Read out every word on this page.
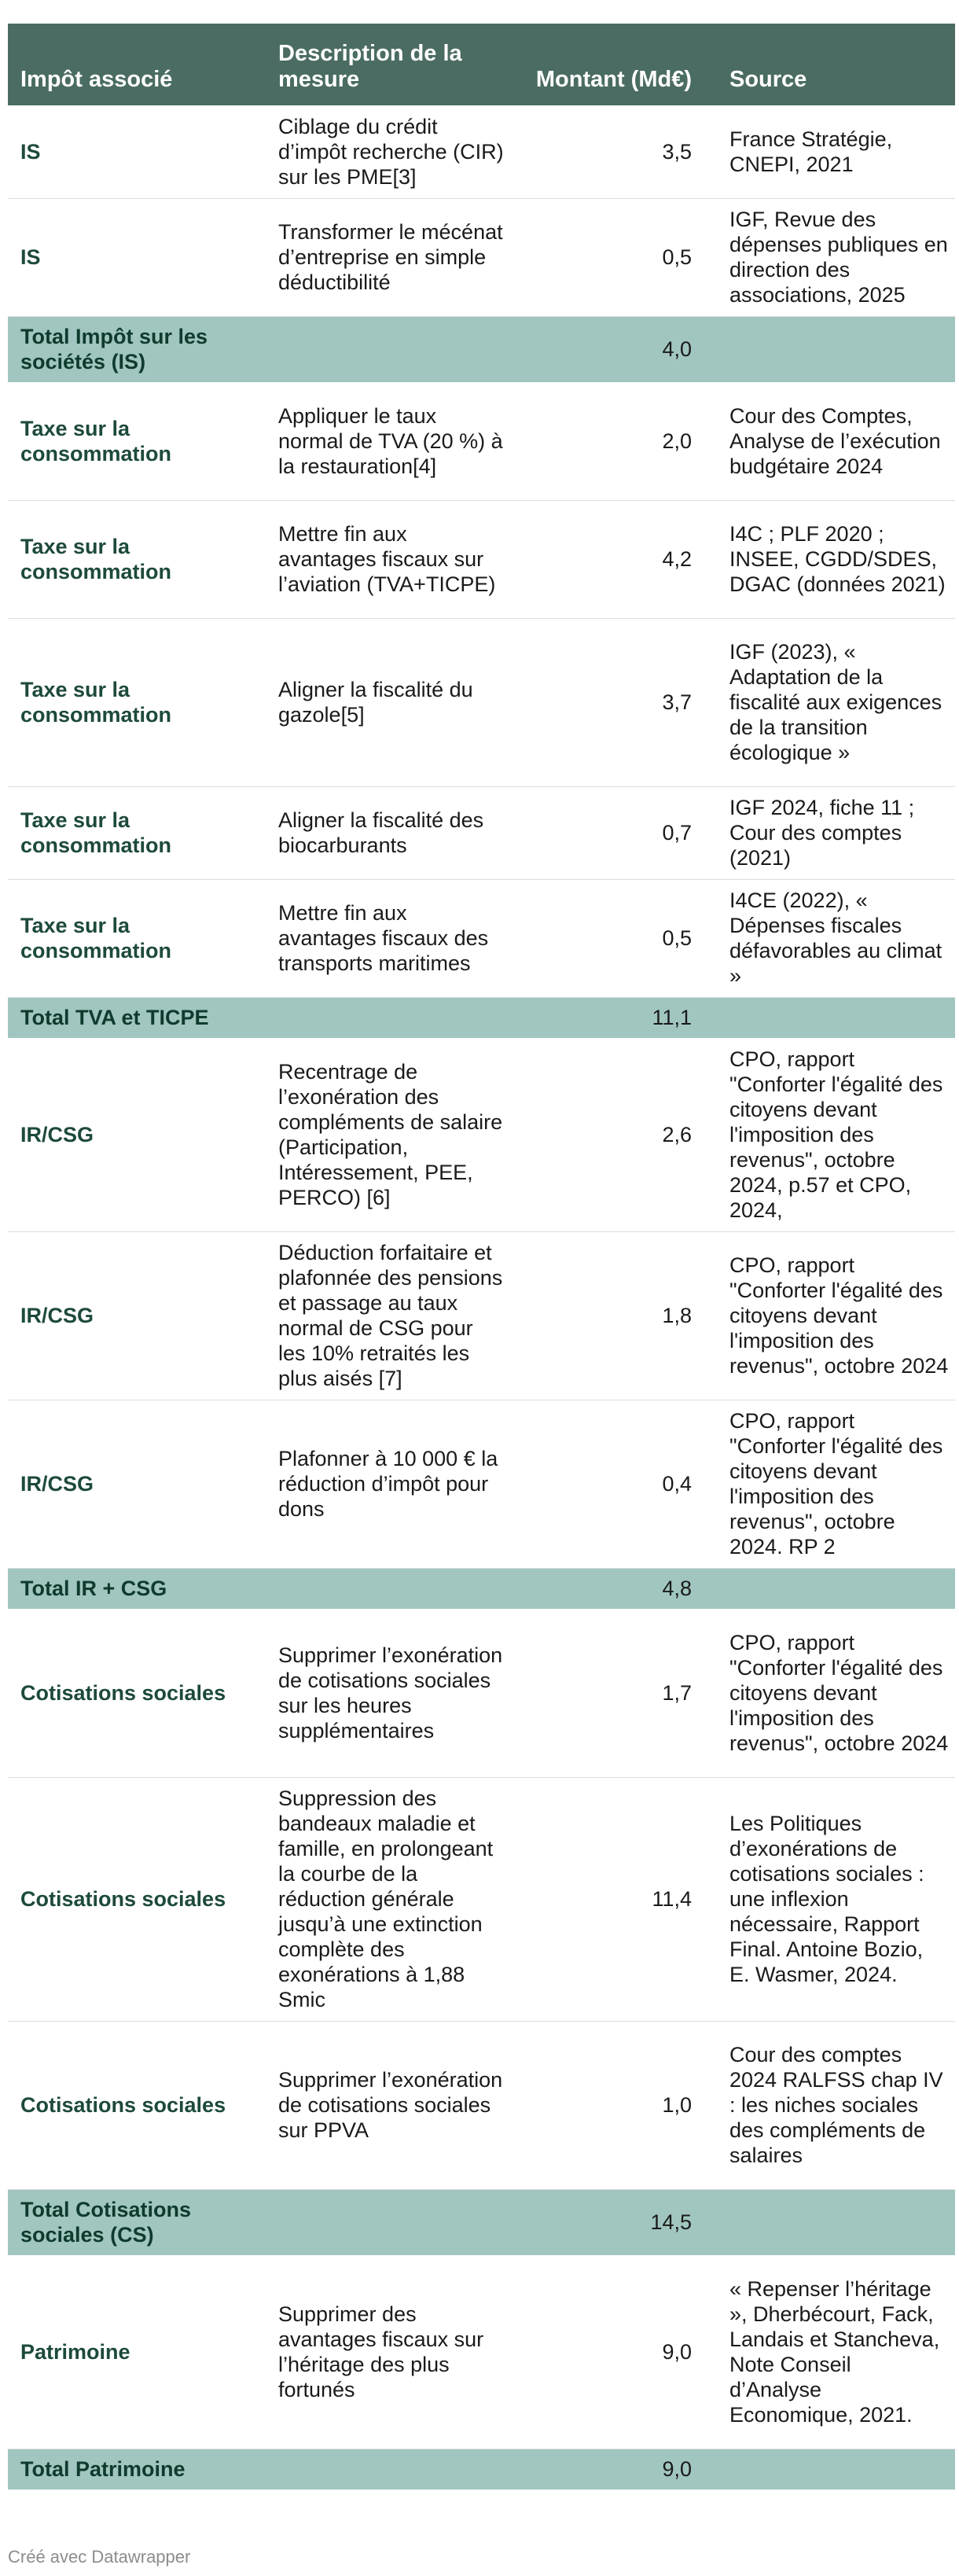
Impôt associé	Description de la mesure	Montant (Md€)	Source
IS	Ciblage du crédit d’impôt recherche (CIR) sur les PME[3]	3,5	France Stratégie, CNEPI, 2021
IS	Transformer le mécénat d’entreprise en simple déductibilité	0,5	IGF, Revue des dépenses publiques en direction des associations, 2025
Total Impôt sur les sociétés (IS)		4,0	
Taxe sur la consommation	Appliquer le taux normal de TVA (20 %) à la restauration[4]	2,0	Cour des Comptes, Analyse de l’exécution budgétaire 2024
Taxe sur la consommation	Mettre fin aux avantages fiscaux sur l’aviation (TVA+TICPE)	4,2	I4C ; PLF 2020 ; INSEE, CGDD/SDES, DGAC (données 2021)
Taxe sur la consommation	Aligner la fiscalité du gazole[5]	3,7	IGF (2023), « Adaptation de la fiscalité aux exigences de la transition écologique »
Taxe sur la consommation	Aligner la fiscalité des biocarburants	0,7	IGF 2024, fiche 11 ; Cour des comptes (2021)
Taxe sur la consommation	Mettre fin aux avantages fiscaux des transports maritimes	0,5	I4CE (2022), « Dépenses fiscales défavorables au climat »
Total TVA et TICPE		11,1	
IR/CSG	Recentrage de l’exonération des compléments de salaire (Participation, Intéressement, PEE, PERCO) [6]	2,6	CPO, rapport "Conforter l'égalité des citoyens devant l'imposition des revenus", octobre 2024, p.57 et CPO, 2024,
IR/CSG	Déduction forfaitaire et plafonnée des pensions et passage au taux normal de CSG pour les 10% retraités les plus aisés [7]	1,8	CPO, rapport "Conforter l'égalité des citoyens devant l'imposition des revenus", octobre 2024
IR/CSG	Plafonner à 10 000 € la réduction d’impôt pour dons	0,4	CPO, rapport "Conforter l'égalité des citoyens devant l'imposition des revenus", octobre 2024. RP 2
Total IR + CSG		4,8	
Cotisations sociales	Supprimer l’exonération de cotisations sociales sur les heures supplémentaires	1,7	CPO, rapport "Conforter l'égalité des citoyens devant l'imposition des revenus", octobre 2024
Cotisations sociales	Suppression des bandeaux maladie et famille, en prolongeant la courbe de la réduction générale jusqu’à une extinction complète des exonérations à 1,88 Smic	11,4	Les Politiques d’exonérations de cotisations sociales : une inflexion nécessaire, Rapport Final. Antoine Bozio, E. Wasmer, 2024.
Cotisations sociales	Supprimer l’exonération de cotisations sociales sur PPVA	1,0	Cour des comptes 2024 RALFSS chap IV : les niches sociales des compléments de salaires
Total Cotisations sociales (CS)		14,5	
Patrimoine	Supprimer des avantages fiscaux sur l’héritage des plus fortunés	9,0	« Repenser l’héritage », Dherbécourt, Fack, Landais et Stancheva, Note Conseil d’Analyse Economique, 2021.
Total Patrimoine		9,0	
Créé avec Datawrapper
